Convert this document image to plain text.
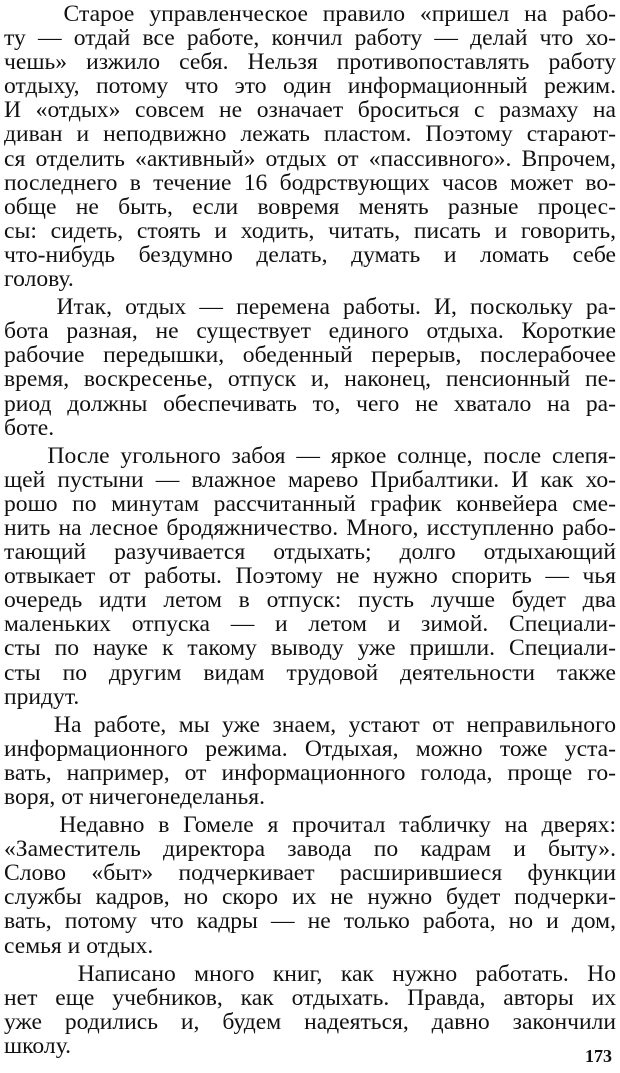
Старое управленческое правило «пришел на рабо-
ту — отдай все работе, кончил работу — делай что хо-
чешь» изжило себя. Нельзя противопоставлять работу
отдыху, потому что это один информационный режим.
И «отдых» совсем не означает броситься с размаху на
диван и неподвижно лежать пластом. Поэтому старают-
ся отделить «активный» отдых от «пассивного». Впрочем,
последнего в течение 16 бодрствующих часов может во-
обще не быть, если вовремя менять разные процес-
сы: сидеть, стоять и ходить, читать, писать и говорить,
что-нибудь бездумно делать, думать и ломать себе
голову.
Итак, отдых — перемена работы. И, поскольку ра-
бота разная, не существует единого отдыха. Короткие
рабочие передышки, обеденный перерыв, послерабочее
время, воскресенье, отпуск и, наконец, пенсионный пе-
риод должны обеспечивать то, чего не хватало на ра-
боте.
После угольного забоя — яркое солнце, после слепя-
щей пустыни — влажное марево Прибалтики. И как хо-
рошо по минутам рассчитанный график конвейера сме-
нить на лесное бродяжничество. Много, исступленно рабо-
тающий разучивается отдыхать; долго отдыхающий
отвыкает от работы. Поэтому не нужно спорить — чья
очередь идти летом в отпуск: пусть лучше будет два
маленьких отпуска — и летом и зимой. Специали-
сты по науке к такому выводу уже пришли. Специали-
сты по другим видам трудовой деятельности также
придут.
На работе, мы уже знаем, устают от неправильного
информационного режима. Отдыхая, можно тоже уста-
вать, например, от информационного голода, проще го-
воря, от ничегонеделанья.
Недавно в Гомеле я прочитал табличку на дверях:
«Заместитель директора завода по кадрам и быту».
Слово «быт» подчеркивает расширившиеся функции
службы кадров, но скоро их не нужно будет подчерки-
вать, потому что кадры — не только работа, но и дом,
семья и отдых.
Написано много книг, как нужно работать. Но
нет еще учебников, как отдыхать. Правда, авторы их
уже родились и, будем надеяться, давно закончили
школу.	173
